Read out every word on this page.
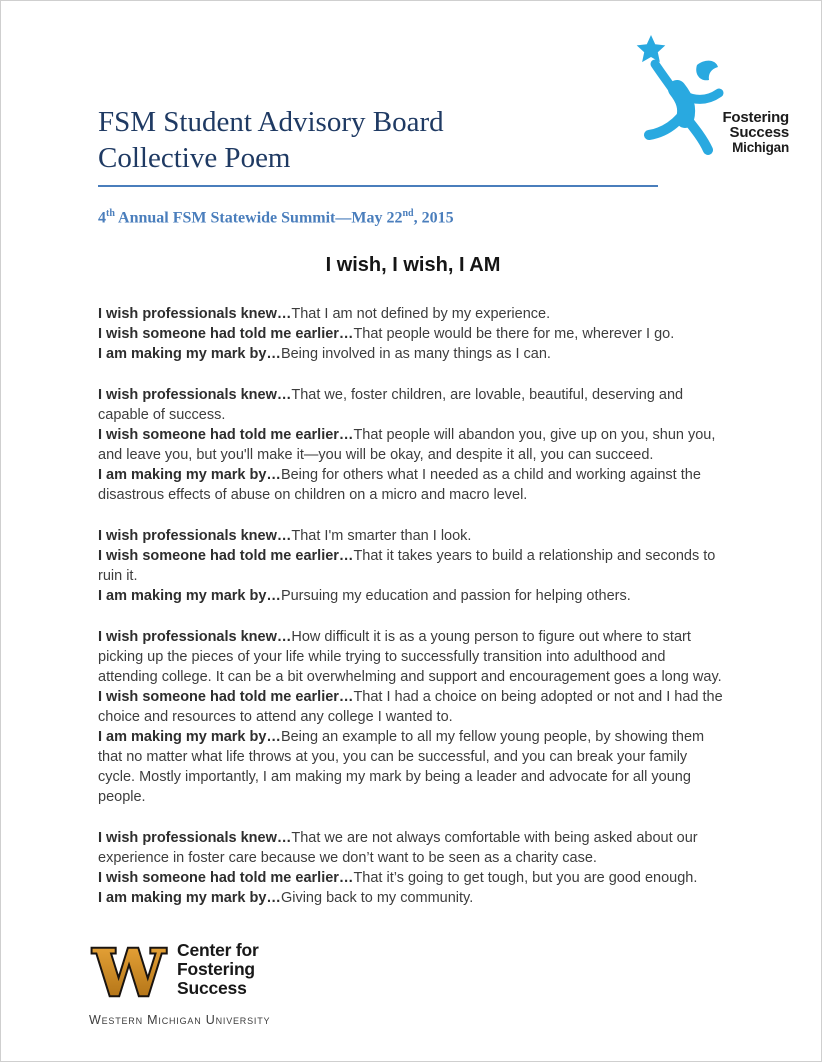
Fostering
Success
Michigan
FSM Student Advisory Board
Collective Poem

4th Annual FSM Statewide Summit—May 22nd, 2015

I wish, I wish, I AM

I wish professionals knew…That I am not defined by my experience.

I wish someone had told me earlier…That people would be there for me, wherever I go.

I am making my mark by…Being involved in as many things as I can.

I wish professionals knew…That we, foster children, are lovable, beautiful, deserving and capable of success.

I wish someone had told me earlier…That people will abandon you, give up on you, shun you, and leave you, but you'll make it—you will be okay, and despite it all, you can succeed.

I am making my mark by…Being for others what I needed as a child and working against the disastrous effects of abuse on children on a micro and macro level.

I wish professionals knew…That I'm smarter than I look.

I wish someone had told me earlier…That it takes years to build a relationship and seconds to ruin it.

I am making my mark by…Pursuing my education and passion for helping others.

I wish professionals knew…How difficult it is as a young person to figure out where to start picking up the pieces of your life while trying to successfully transition into adulthood and attending college. It can be a bit overwhelming and support and encouragement goes a long way.

I wish someone had told me earlier…That I had a choice on being adopted or not and I had the choice and resources to attend any college I wanted to.

I am making my mark by…Being an example to all my fellow young people, by showing them that no matter what life throws at you, you can be successful, and you can break your family cycle. Mostly importantly, I am making my mark by being a leader and advocate for all young people.

I wish professionals knew…That we are not always comfortable with being asked about our experience in foster care because we don’t want to be seen as a charity case.

I wish someone had told me earlier…That it’s going to get tough, but you are good enough.

I am making my mark by…Giving back to my community.

W Center for
Fostering
Success
Western Michigan University
